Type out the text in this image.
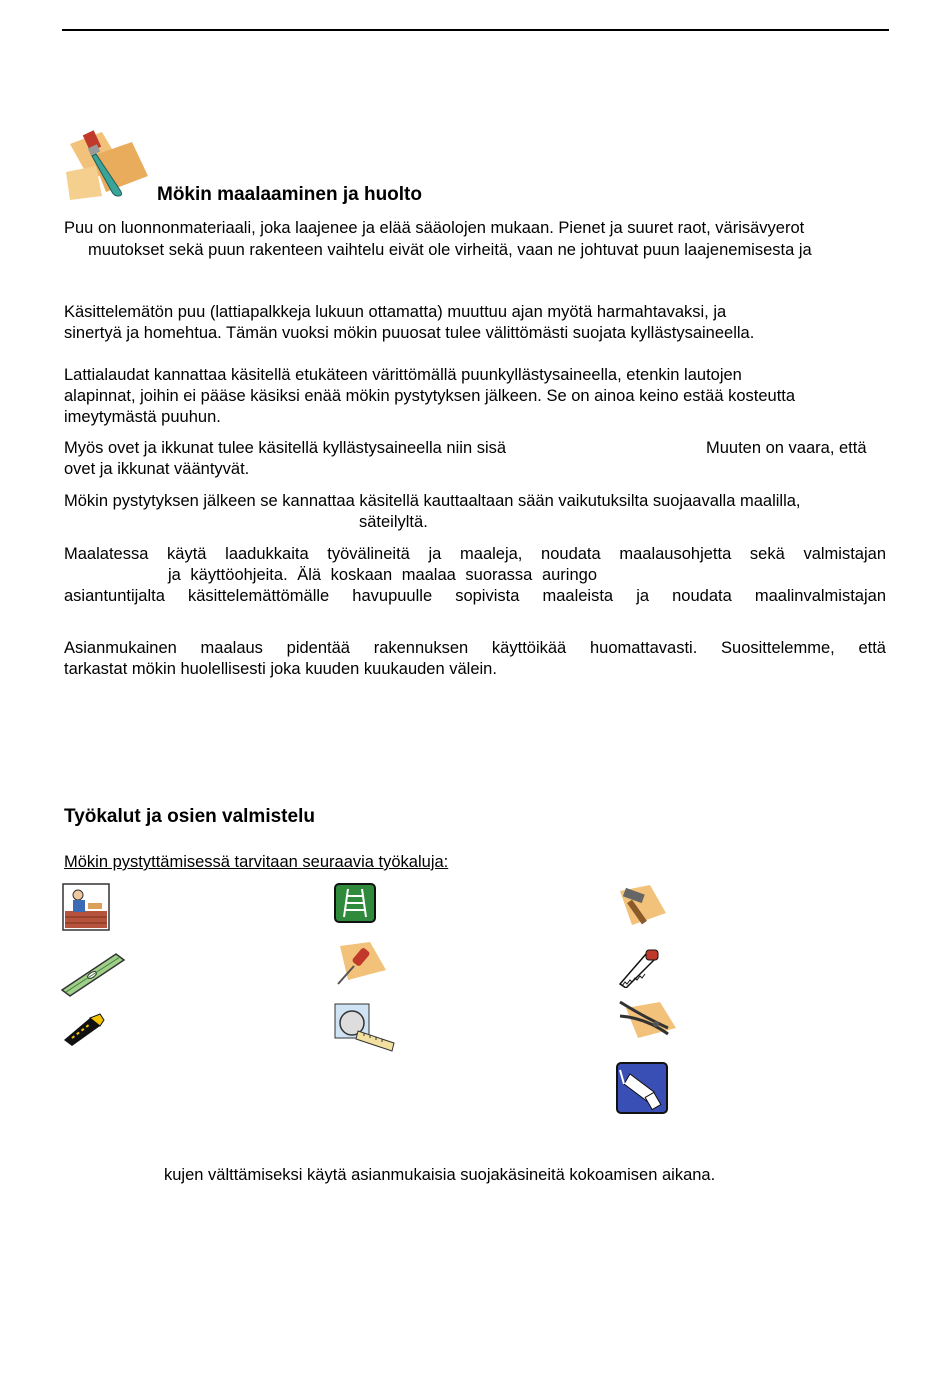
Mökin maalaaminen ja huolto
Puu on luonnonmateriaali, joka laajenee ja elää sääolojen mukaan. Pienet ja suuret raot, värisävyerot
muutokset sekä puun rakenteen vaihtelu eivät ole virheitä, vaan ne johtuvat puun laajenemisesta ja
Käsittelemätön puu (lattiapalkkeja lukuun ottamatta) muuttuu ajan myötä harmahtavaksi, ja
sinertyä ja homehtua. Tämän vuoksi mökin puuosat tulee välittömästi suojata kyllästysaineella.
Lattialaudat kannattaa käsitellä etukäteen värittömällä puunkyllästysaineella, etenkin lautojen
alapinnat, joihin ei pääse käsiksi enää mökin pystytyksen jälkeen. Se on ainoa keino estää kosteutta
imeytymästä puuhun.
Myös ovet ja ikkunat tulee käsitellä kyllästysaineella niin sisä	Muuten on vaara, että
ovet ja ikkunat vääntyvät.
Mökin pystytyksen jälkeen se kannattaa käsitellä kauttaaltaan sään vaikutuksilta suojaavalla maalilla,
säteilyltä.
Maalatessa käytä laadukkaita työvälineitä ja maaleja, noudata maalausohjetta sekä valmistajan
ja käyttöohjeita. Älä koskaan maalaa suorassa auringo
asiantuntijalta käsittelemättömälle havupuulle sopivista maaleista ja noudata maalinvalmistajan
Asianmukainen maalaus pidentää rakennuksen käyttöikää huomattavasti. Suosittelemme, että
tarkastat mökin huolellisesti joka kuuden kuukauden välein.
Työkalut ja osien valmistelu
Mökin pystyttämisessä tarvitaan seuraavia työkaluja:
kujen välttämiseksi käytä asianmukaisia suojakäsineitä kokoamisen aikana.
